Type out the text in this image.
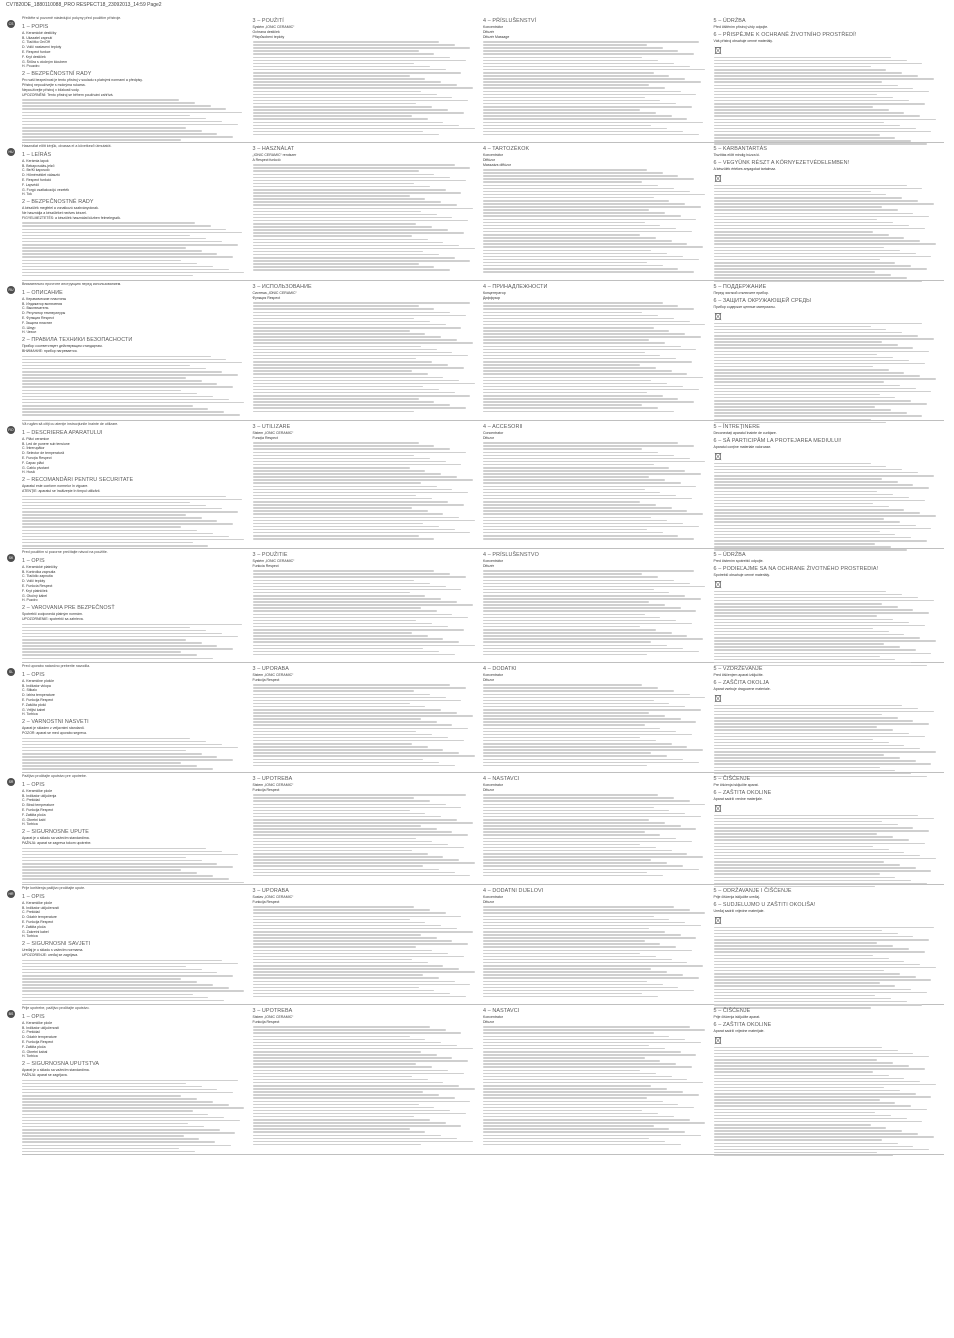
CV7820DE_1880110088_PRO RESPECT18_23092013_14:59 Page2
CS

Přečtěte si pozorně následující pokyny před použitím přístroje.

1 – POPIS

A. Keramické destičky

B. Ukazatel zapnutí

C. Tlačítko On/Off

D. Volič nastavení teploty

E. Respect funkce

F. Kryt destiček

G. Šňůra s otočným kloubem

H. Pouzdro

2 – BEZPEČNOSTNÍ RADY

Pro vaši bezpečnost je tento přístroj v souladu s platnými normami a předpisy.

Přístroj nepoužívejte s mokrýma rukama.

Nepoužívejte přístroj v blízkosti vody.

UPOZORNĚNÍ: Tento přístroj se během používání zahřívá.

3 – POUŽITÍ

Systém „IONIC CERAMIC“

Ochrana destiček

Přizpůsobení teploty

4 – PŘÍSLUŠENSTVÍ

Koncentrátor

Difuzér

Difuzér Massage

5 – ÚDRŽBA

Před čištěním přístroj vždy odpojte.

6 – PŘISPĚJME K OCHRANĚ ŽIVOTNÍHO PROSTŘEDÍ!

Váš přístroj obsahuje cenné materiály.

HU

Használat előtt kérjük, olvassa el a következő útmutatót.

1 – LEÍRÁS

A. Kerámia lapok

B. Bekapcsolás-jelző

C. Be/Ki kapcsoló

D. Hőmérséklet választó

E. Respect funkció

F. Lapvédő

G. Forgó csatlakozójú vezeték

H. Tok

2 – BEZPEČNOSTNÉ RADY

A készülék megfelel a vonatkozó szabványoknak.

Ne használja a készüléket nedves kézzel.

FIGYELMEZTETÉS: a készülék használat közben felmelegszik.

3 – HASZNÁLAT

„IONIC CERAMIC“ rendszer

A Respect funkció

4 – TARTOZÉKOK

Koncentrátor

Diffúzor

Masszázs diffúzor

5 – KARBANTARTÁS

Tisztítás előtt mindig húzza ki.

6 – VEGYÜNK RÉSZT A KÖRNYEZETVÉDELEMBEN!

A készülék értékes anyagokat tartalmaz.

RU

Внимательно прочтите инструкцию перед использованием.

1 – ОПИСАНИЕ

A. Керамические пластины

B. Индикатор включения

C. Выключатель

D. Регулятор температуры

E. Функция Respect

F. Защита пластин

G. Шнур

H. Чехол

2 – ПРАВИЛА ТЕХНИКИ БЕЗОПАСНОСТИ

Прибор соответствует действующим стандартам.

ВНИМАНИЕ: прибор нагревается.

3 – ИСПОЛЬЗОВАНИЕ

Система „IONIC CERAMIC“

Функция Respect

4 – ПРИНАДЛЕЖНОСТИ

Концентратор

Диффузор

5 – ПОДДЕРЖАНИЕ

Перед чисткой отключите прибор.

6 – ЗАЩИТА ОКРУЖАЮЩЕЙ СРЕДЫ

Прибор содержит ценные материалы.

RO

Vă rugăm să citiţi cu atenţie instrucţiunile înainte de utilizare.

1 – DESCRIEREA APARATULUI

A. Plăci ceramice

B. Led de punere sub tensiune

C. Întrerupător

D. Selector de temperatură

E. Funcţia Respect

F. Capac plăci

G. Cablu pivotant

H. Husă

2 – RECOMANDĂRI PENTRU SECURITATE

Aparatul este conform normelor în vigoare.

ATENŢIE: aparatul se încălzeşte în timpul utilizării.

3 – UTILIZARE

Sistem „IONIC CERAMIC“

Funcţia Respect

4 – ACCESORII

Concentrator

Difuzor

5 – ÎNTREŢINERE

Deconectaţi aparatul înainte de curăţare.

6 – SĂ PARTICIPĂM LA PROTEJAREA MEDIULUI!

Aparatul conţine materiale valoroase.

SK

Pred použitím si pozorne prečítajte návod na použitie.

1 – OPIS

A. Keramické platničky

B. Kontrolka zapnutia

C. Tlačidlo zapnutia

D. Volič teploty

E. Funkcia Respect

F. Kryt platničiek

G. Otočný kábel

H. Puzdro

2 – VAROVANIA PRE BEZPEČNOSŤ

Spotrebič zodpovedá platným normám.

UPOZORNENIE: spotrebič sa zahrieva.

3 – POUŽITIE

Systém „IONIC CERAMIC“

Funkcia Respect

4 – PRÍSLUŠENSTVO

Koncentrátor

Difuzér

5 – ÚDRŽBA

Pred čistením spotrebič odpojte.

6 – PODIEĽAJME SA NA OCHRANE ŽIVOTNÉHO PROSTREDIA!

Spotrebič obsahuje cenné materiály.

SL

Pred uporabo natančno preberite navodila.

1 – OPIS

A. Keramične plošče

B. Indikator vklopa

C. Stikalo

D. Izbira temperature

E. Funkcija Respect

F. Zaščita plošč

G. Vrtljivi kabel

H. Torbica

2 – VARNOSTNI NASVETI

Aparat je skladen z veljavnimi standardi.

POZOR: aparat se med uporabo segreva.

3 – UPORABA

Sistem „IONIC CERAMIC“

Funkcija Respect

4 – DODATKI

Koncentrator

Difuzor

5 – VZDRŽEVANJE

Pred čiščenjem aparat izključite.

6 – ZAŠČITA OKOLJA

Aparat vsebuje dragocene materiale.

SR

Pažljivo pročitajte uputstvo pre upotrebe.

1 – OPIS

A. Keramičke ploče

B. Indikator uključenja

C. Prekidač

D. Birač temperature

E. Funkcija Respect

F. Zaštita ploča

G. Okretni kabl

H. Torbica

2 – SIGURNOSNE UPUTE

Aparat je u skladu sa važećim standardima.

PAŽNJA: aparat se zagreva tokom upotrebe.

3 – UPOTREBA

Sistem „IONIC CERAMIC“

Funkcija Respect

4 – NASTAVCI

Koncentrator

Difuzor

5 – ČIŠĆENJE

Pre čišćenja isključite aparat.

6 – ZAŠTITA OKOLINE

Aparat sadrži vredne materijale.

HR

Prije korištenja pažljivo pročitajte upute.

1 – OPIS

A. Keramičke ploče

B. Indikator uključenosti

C. Prekidač

D. Odabir temperature

E. Funkcija Respect

F. Zaštita ploča

G. Zakretni kabel

H. Torbica

2 – SIGURNOSNI SAVJETI

Uređaj je u skladu s važećim normama.

UPOZORENJE: uređaj se zagrijava.

3 – UPORABA

Sustav „IONIC CERAMIC“

Funkcija Respect

4 – DODATNI DIJELOVI

Koncentrator

Difuzor

5 – ODRŽAVANJE I ČIŠĆENJE

Prije čišćenja isključite uređaj.

6 – SUDJELUJMO U ZAŠTITI OKOLIŠA!

Uređaj sadrži vrijedne materijale.

BS

Prije upotrebe, pažljivo pročitajte uputstvo.

1 – OPIS

A. Keramičke ploče

B. Indikator uključenosti

C. Prekidač

D. Odabir temperature

E. Funkcija Respect

F. Zaštita ploča

G. Okretni kabal

H. Torbica

2 – SIGURNOSNA UPUTSTVA

Aparat je u skladu sa važećim standardima.

PAŽNJA: aparat se zagrijava.

3 – UPOTREBA

Sistem „IONIC CERAMIC“

Funkcija Respect

4 – NASTAVCI

Koncentrator

Difuzor

5 – ČIŠĆENJE

Prije čišćenja isključite aparat.

6 – ZAŠTITA OKOLINE

Aparat sadrži vrijedne materijale.
